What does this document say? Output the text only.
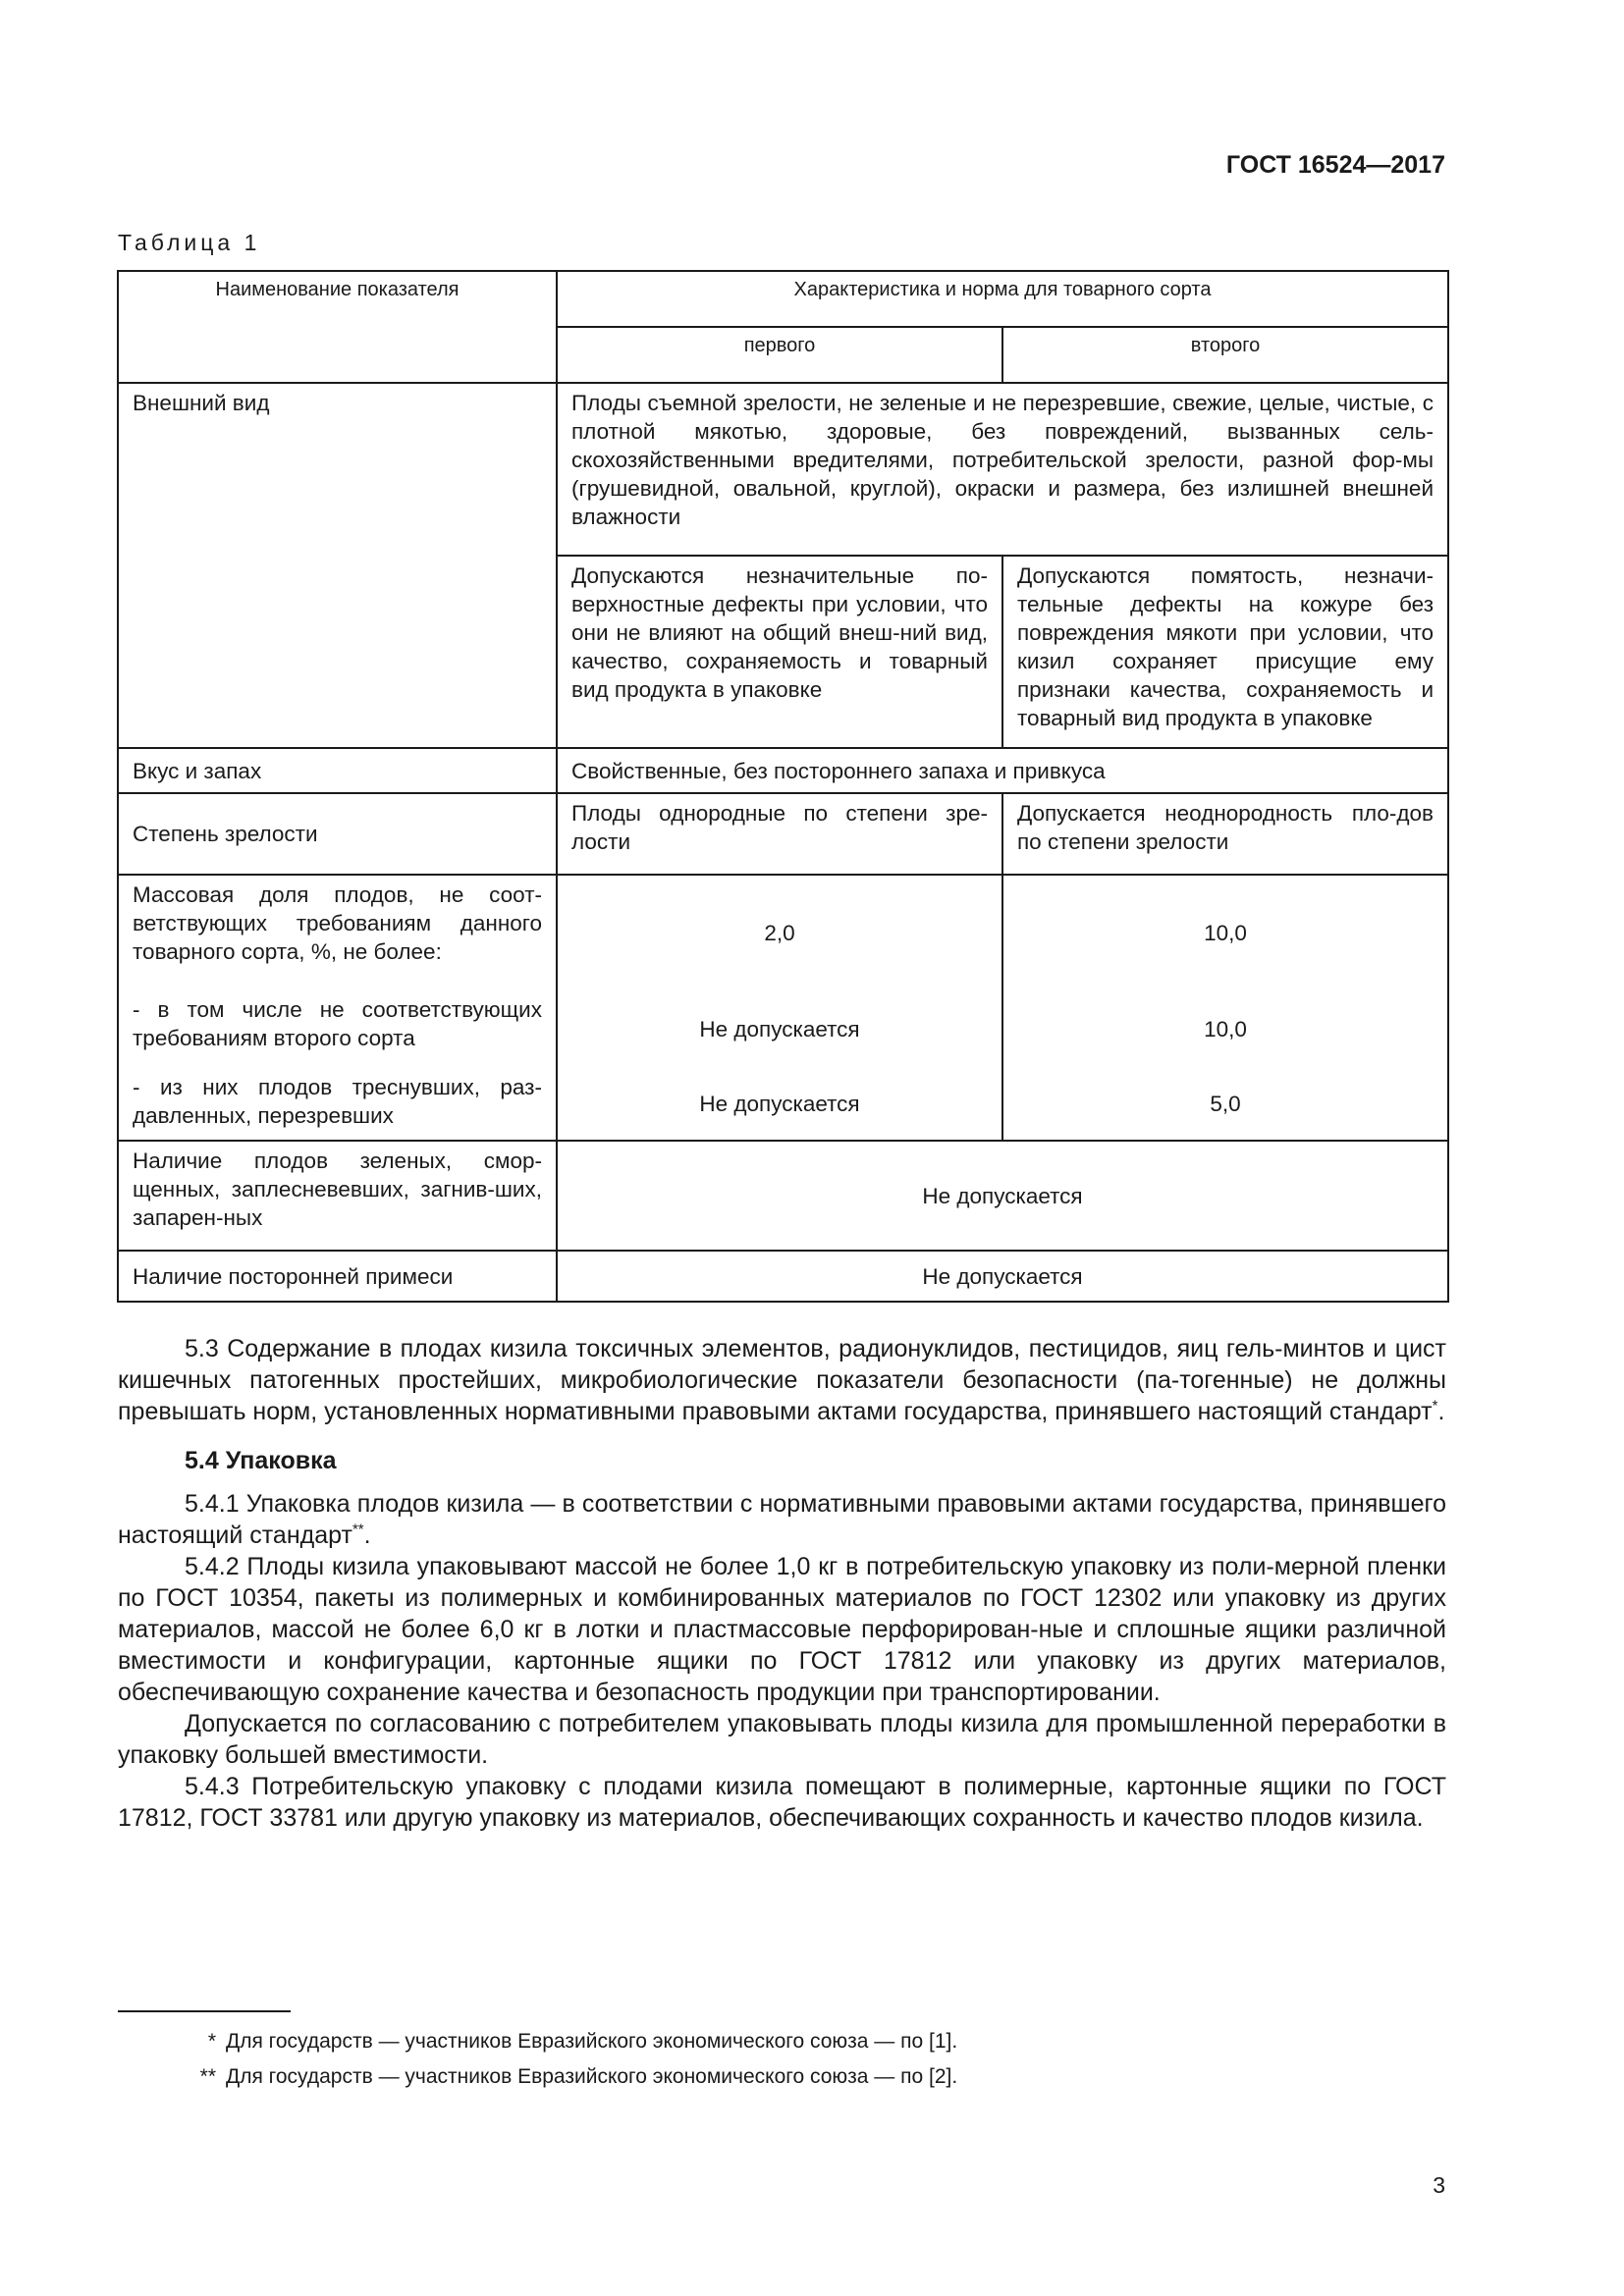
ГОСТ 16524—2017
Таблица 1
Наименование показателя	Характеристика и норма для товарного сорта	
	первого	второго
Внешний вид	Плоды съемной зрелости, не зеленые и не перезревшие, свежие, целые, чистые, с плотной мякотью, здоровые, без повреждений, вызванных сель-скохозяйственными вредителями, потребительской зрелости, разной фор-мы (грушевидной, овальной, круглой), окраски и размера, без излишней внешней влажности	
	Допускаются незначительные по-верхностные дефекты при условии, что они не влияют на общий внеш-ний вид, качество, сохраняемость и товарный вид продукта в упаковке	Допускаются помятость, незначи-тельные дефекты на кожуре без повреждения мякоти при условии, что кизил сохраняет присущие ему признаки качества, сохраняемость и товарный вид продукта в упаковке
Вкус и запах	Свойственные, без постороннего запаха и привкуса	
Степень зрелости	Плоды однородные по степени зре-лости	Допускается неоднородность пло-дов по степени зрелости
Массовая доля плодов, не соот-ветствующих требованиям данного товарного сорта, %, не более:	2,0	10,0
- в том числе не соответствующих требованиям второго сорта	Не допускается	10,0
- из них плодов треснувших, раз-давленных, перезревших	Не допускается	5,0
Наличие плодов зеленых, смор-щенных, заплесневевших, загнив-ших, запарен-ных	Не допускается	
Наличие посторонней примеси	Не допускается	

5.3 Содержание в плодах кизила токсичных элементов, радионуклидов, пестицидов, яиц гель-минтов и цист кишечных патогенных простейших, микробиологические показатели безопасности (па-тогенные) не должны превышать норм, установленных нормативными правовыми актами государства, принявшего настоящий стандарт*.

5.4 Упаковка

5.4.1 Упаковка плодов кизила — в соответствии с нормативными правовыми актами государства, принявшего настоящий стандарт**.

5.4.2 Плоды кизила упаковывают массой не более 1,0 кг в потребительскую упаковку из поли-мерной пленки по ГОСТ 10354, пакеты из полимерных и комбинированных материалов по ГОСТ 12302 или упаковку из других материалов, массой не более 6,0 кг в лотки и пластмассовые перфорирован-ные и сплошные ящики различной вместимости и конфигурации, картонные ящики по ГОСТ 17812 или упаковку из других материалов, обеспечивающую сохранение качества и безопасность продукции при транспортировании.

Допускается по согласованию с потребителем упаковывать плоды кизила для промышленной переработки в упаковку большей вместимости.

5.4.3 Потребительскую упаковку с плодами кизила помещают в полимерные, картонные ящики по ГОСТ 17812, ГОСТ 33781 или другую упаковку из материалов, обеспечивающих сохранность и качество плодов кизила.

* Для государств — участников Евразийского экономического союза — по [1].
** Для государств — участников Евразийского экономического союза — по [2].
3
